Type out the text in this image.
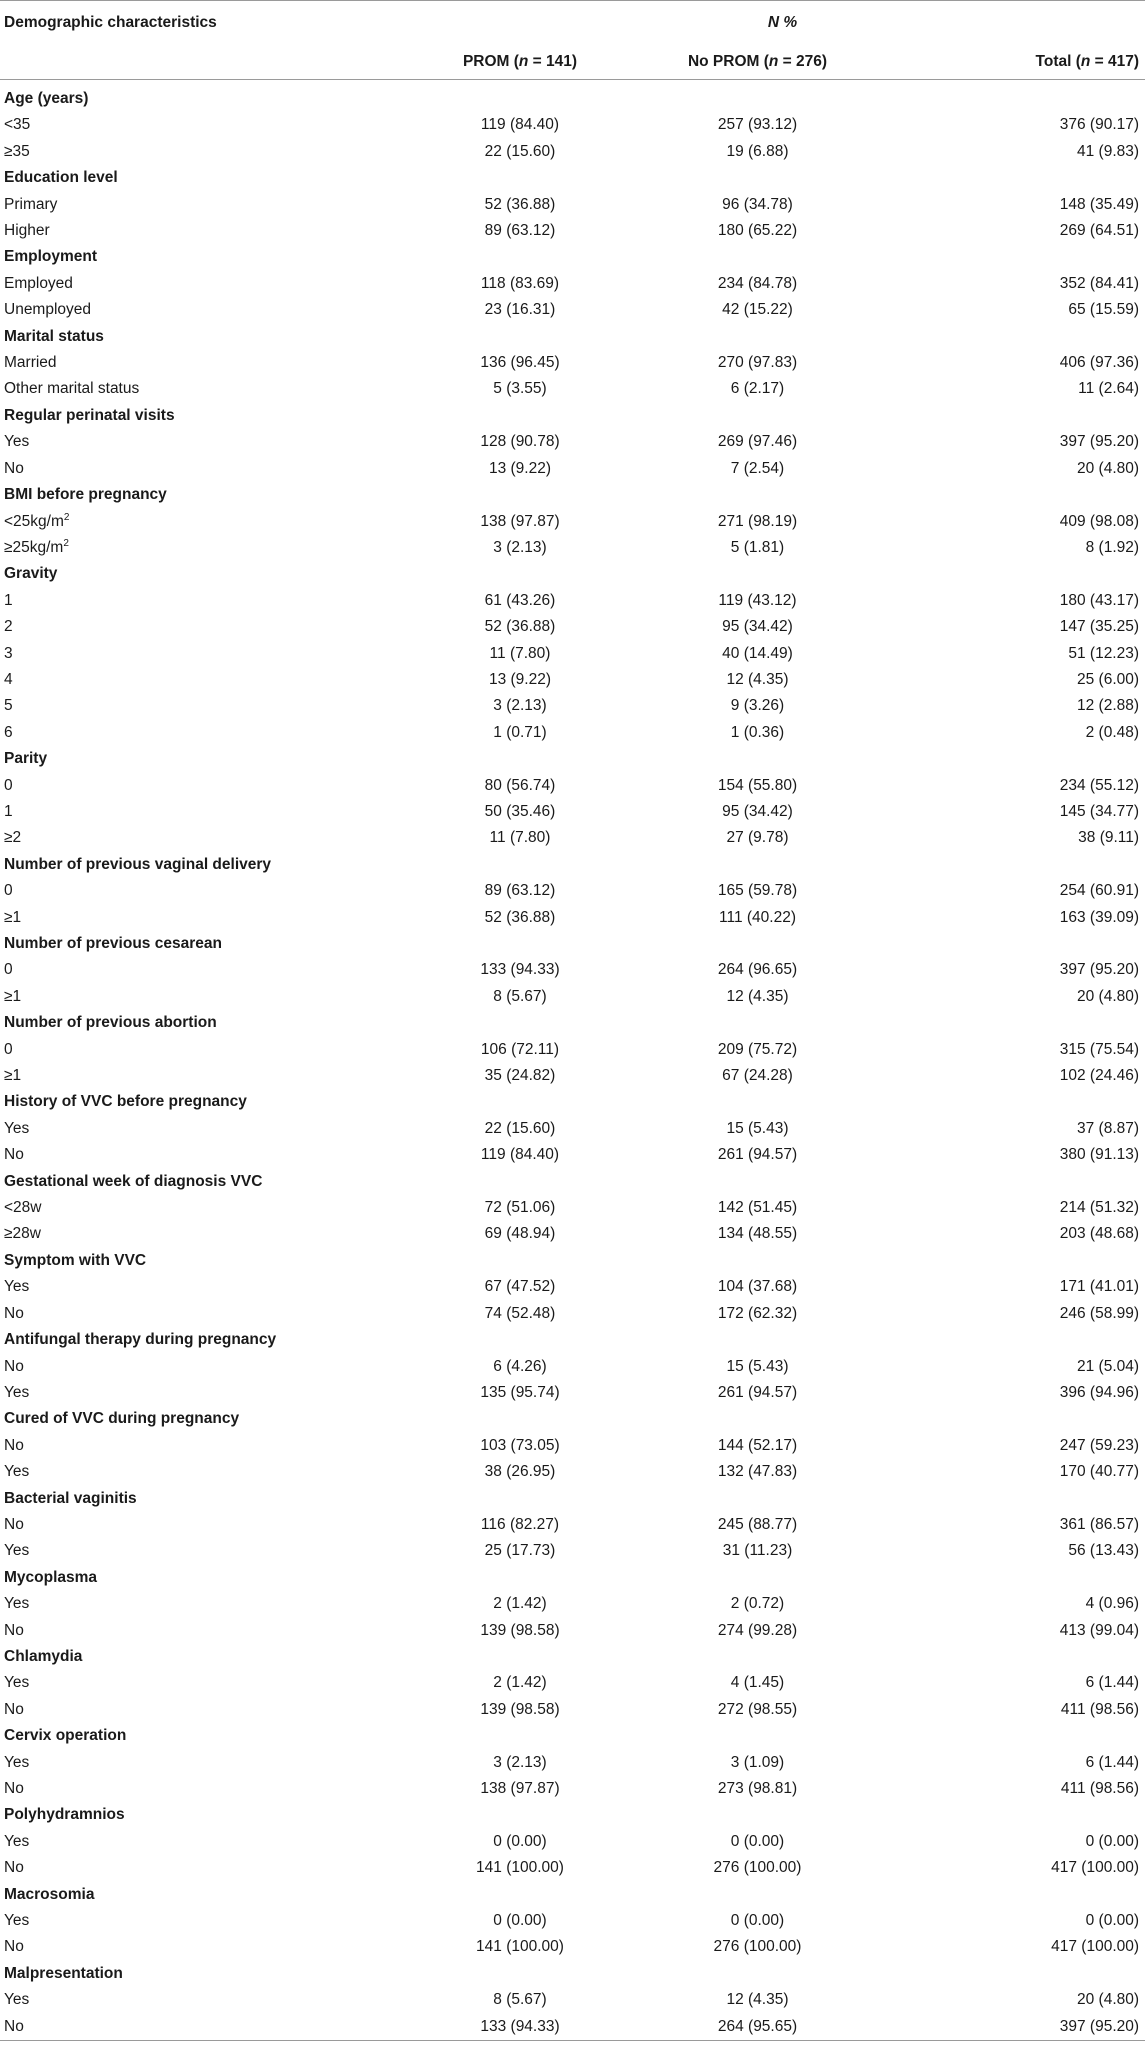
Demographic characteristics	N %		
	PROM (n = 141)	No PROM (n = 276)	Total (n = 417)
Age (years)			
<35	119 (84.40)	257 (93.12)	376 (90.17)
≥35	22 (15.60)	19 (6.88)	41 (9.83)
Education level			
Primary	52 (36.88)	96 (34.78)	148 (35.49)
Higher	89 (63.12)	180 (65.22)	269 (64.51)
Employment			
Employed	118 (83.69)	234 (84.78)	352 (84.41)
Unemployed	23 (16.31)	42 (15.22)	65 (15.59)
Marital status			
Married	136 (96.45)	270 (97.83)	406 (97.36)
Other marital status	5 (3.55)	6 (2.17)	11 (2.64)
Regular perinatal visits			
Yes	128 (90.78)	269 (97.46)	397 (95.20)
No	13 (9.22)	7 (2.54)	20 (4.80)
BMI before pregnancy			
$<25kg/m^2$	138 (97.87)	271 (98.19)	409 (98.08)
$\ge 25kg/m^2$	3 (2.13)	5 (1.81)	8 (1.92)
Gravity			
1	61 (43.26)	119 (43.12)	180 (43.17)
2	52 (36.88)	95 (34.42)	147 (35.25)
3	11 (7.80)	40 (14.49)	51 (12.23)
4	13 (9.22)	12 (4.35)	25 (6.00)
5	3 (2.13)	9 (3.26)	12 (2.88)
6	1 (0.71)	1 (0.36)	2 (0.48)
Parity			
0	80 (56.74)	154 (55.80)	234 (55.12)
1	50 (35.46)	95 (34.42)	145 (34.77)
≥2	11 (7.80)	27 (9.78)	38 (9.11)
Number of previous vaginal delivery			
0	89 (63.12)	165 (59.78)	254 (60.91)
≥1	52 (36.88)	111 (40.22)	163 (39.09)
Number of previous cesarean			
0	133 (94.33)	264 (96.65)	397 (95.20)
≥1	8 (5.67)	12 (4.35)	20 (4.80)
Number of previous abortion			
0	106 (72.11)	209 (75.72)	315 (75.54)
≥1	35 (24.82)	67 (24.28)	102 (24.46)
History of VVC before pregnancy			
Yes	22 (15.60)	15 (5.43)	37 (8.87)
No	119 (84.40)	261 (94.57)	380 (91.13)
Gestational week of diagnosis VVC			
<28w	72 (51.06)	142 (51.45)	214 (51.32)
≥28w	69 (48.94)	134 (48.55)	203 (48.68)
Symptom with VVC			
Yes	67 (47.52)	104 (37.68)	171 (41.01)
No	74 (52.48)	172 (62.32)	246 (58.99)
Antifungal therapy during pregnancy			
No	6 (4.26)	15 (5.43)	21 (5.04)
Yes	135 (95.74)	261 (94.57)	396 (94.96)
Cured of VVC during pregnancy			
No	103 (73.05)	144 (52.17)	247 (59.23)
Yes	38 (26.95)	132 (47.83)	170 (40.77)
Bacterial vaginitis			
No	116 (82.27)	245 (88.77)	361 (86.57)
Yes	25 (17.73)	31 (11.23)	56 (13.43)
Mycoplasma			
Yes	2 (1.42)	2 (0.72)	4 (0.96)
No	139 (98.58)	274 (99.28)	413 (99.04)
Chlamydia			
Yes	2 (1.42)	4 (1.45)	6 (1.44)
No	139 (98.58)	272 (98.55)	411 (98.56)
Cervix operation			
Yes	3 (2.13)	3 (1.09)	6 (1.44)
No	138 (97.87)	273 (98.81)	411 (98.56)
Polyhydramnios			
Yes	0 (0.00)	0 (0.00)	0 (0.00)
No	141 (100.00)	276 (100.00)	417 (100.00)
Macrosomia			
Yes	0 (0.00)	0 (0.00)	0 (0.00)
No	141 (100.00)	276 (100.00)	417 (100.00)
Malpresentation			
Yes	8 (5.67)	12 (4.35)	20 (4.80)
No	133 (94.33)	264 (95.65)	397 (95.20)
